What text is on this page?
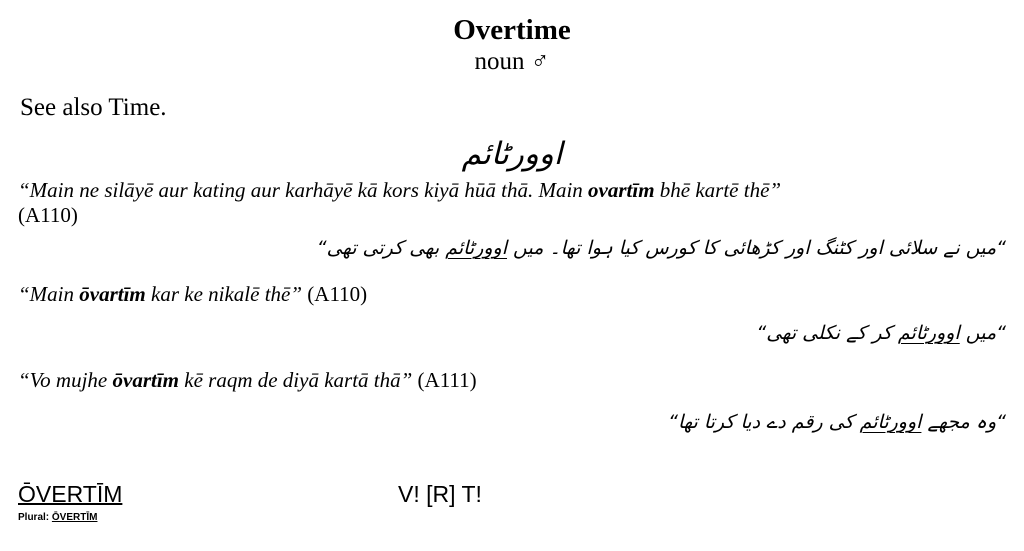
Overtime
noun ♂
See also Time.
اوورٹائم
“Main ne silāyē aur kating aur karhāyē kā kors kiyā hūā thā. Main ovartīm bhē kartē thē”
(A110)
“میں نے سلائی اور کٹنگ اور کڑھائی کا کورس کیا ہوا تھا۔ میں اوورٹائم بھی کرتی تھی“
“Main ōvartīm kar ke nikalē thē” (A110)
“میں اوورٹائم کر کے نکلی تھی“
“Vo mujhe ōvartīm kē raqm de diyā kartā thā” (A111)
“وہ مجھے اوورٹائم کی رقم دے دیا کرتا تھا“
ŌVERTĪM	V! [R] T!
Plural: ŌVERTĪM
